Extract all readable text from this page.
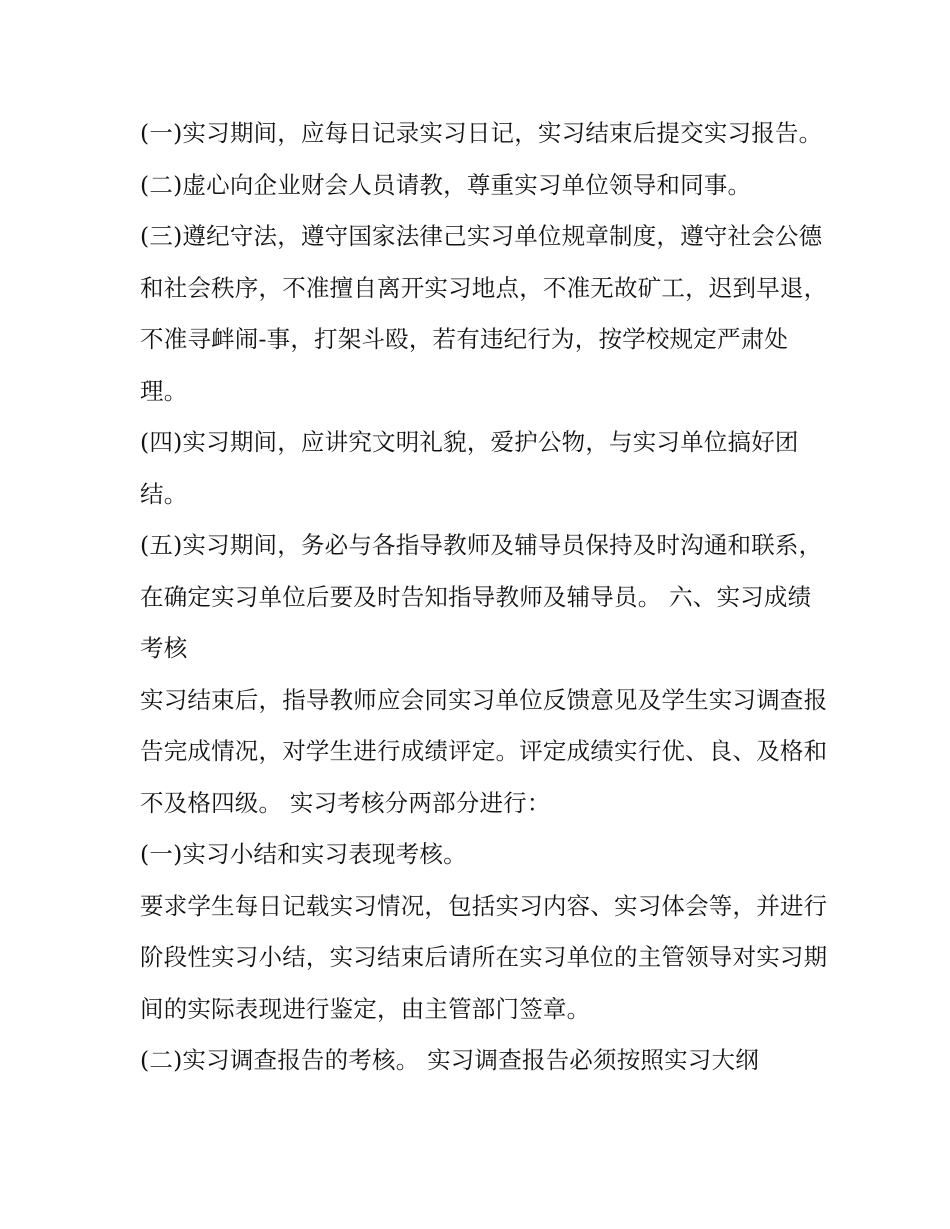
(一)实习期间，应每日记录实习日记，实习结束后提交实习报告。 (二)虚心向企业财会人员请教，尊重实习单位领导和同事。

(三)遵纪守法，遵守国家法律己实习单位规章制度，遵守社会公德和社会秩序，不准擅自离开实习地点，不准无故矿工，迟到早退，不准寻衅闹-事，打架斗殴，若有违纪行为，按学校规定严肃处理。

(四)实习期间，应讲究文明礼貌，爱护公物，与实习单位搞好团结。

(五)实习期间，务必与各指导教师及辅导员保持及时沟通和联系，在确定实习单位后要及时告知指导教师及辅导员。 六、实习成绩考核

实习结束后，指导教师应会同实习单位反馈意见及学生实习调查报告完成情况，对学生进行成绩评定。评定成绩实行优、良、及格和不及格四级。 实习考核分两部分进行：

(一)实习小结和实习表现考核。

要求学生每日记载实习情况，包括实习内容、实习体会等，并进行阶段性实习小结，实习结束后请所在实习单位的主管领导对实习期间的实际表现进行鉴定，由主管部门签章。

(二)实习调查报告的考核。 实习调查报告必须按照实习大纲
